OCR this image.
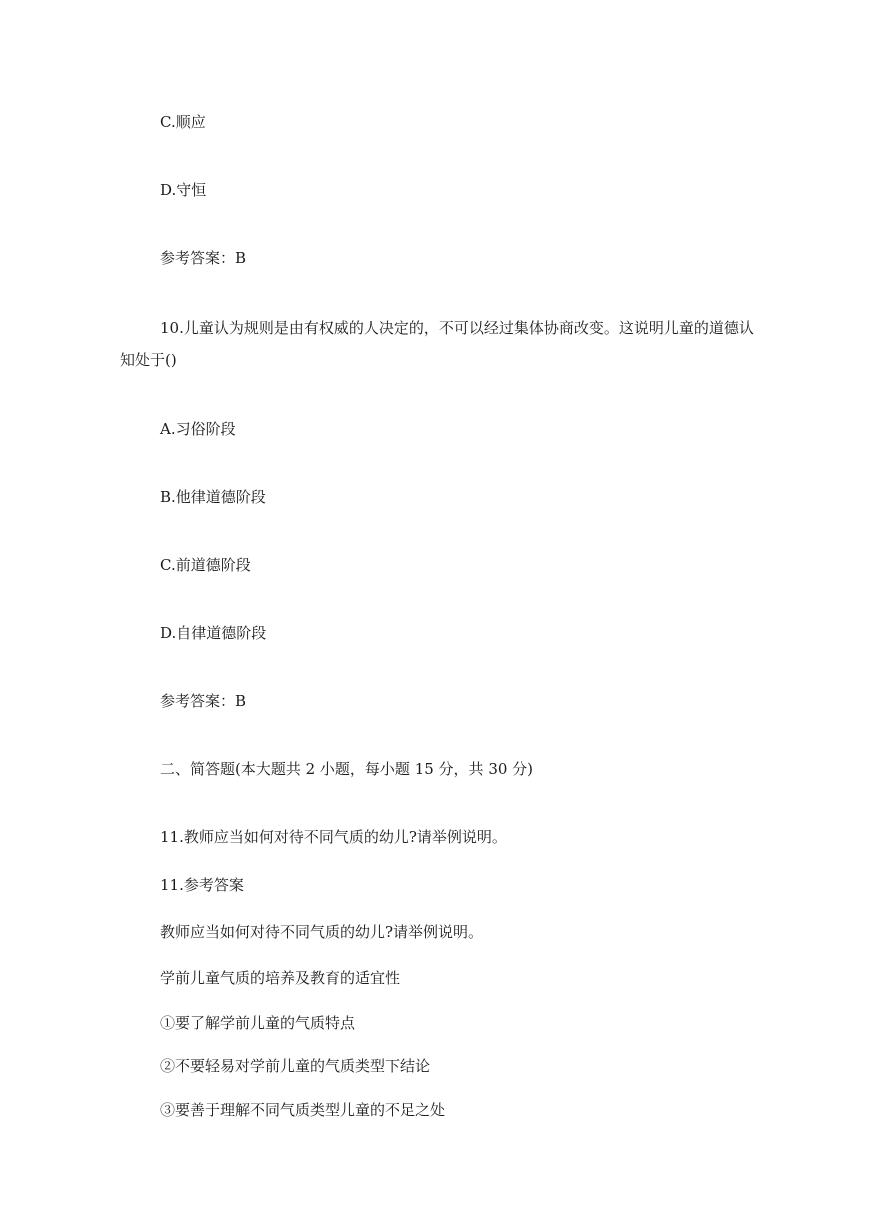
C.顺应
D.守恒
参考答案：B
10.儿童认为规则是由有权威的人决定的，不可以经过集体协商改变。这说明儿童的道德认知处于()
A.习俗阶段
B.他律道德阶段
C.前道德阶段
D.自律道德阶段
参考答案：B
二、简答题(本大题共 2 小题，每小题 15 分，共 30 分)
11.教师应当如何对待不同气质的幼儿?请举例说明。
11.参考答案
教师应当如何对待不同气质的幼儿?请举例说明。
学前儿童气质的培养及教育的适宜性
①要了解学前儿童的气质特点
②不要轻易对学前儿童的气质类型下结论
③要善于理解不同气质类型儿童的不足之处
